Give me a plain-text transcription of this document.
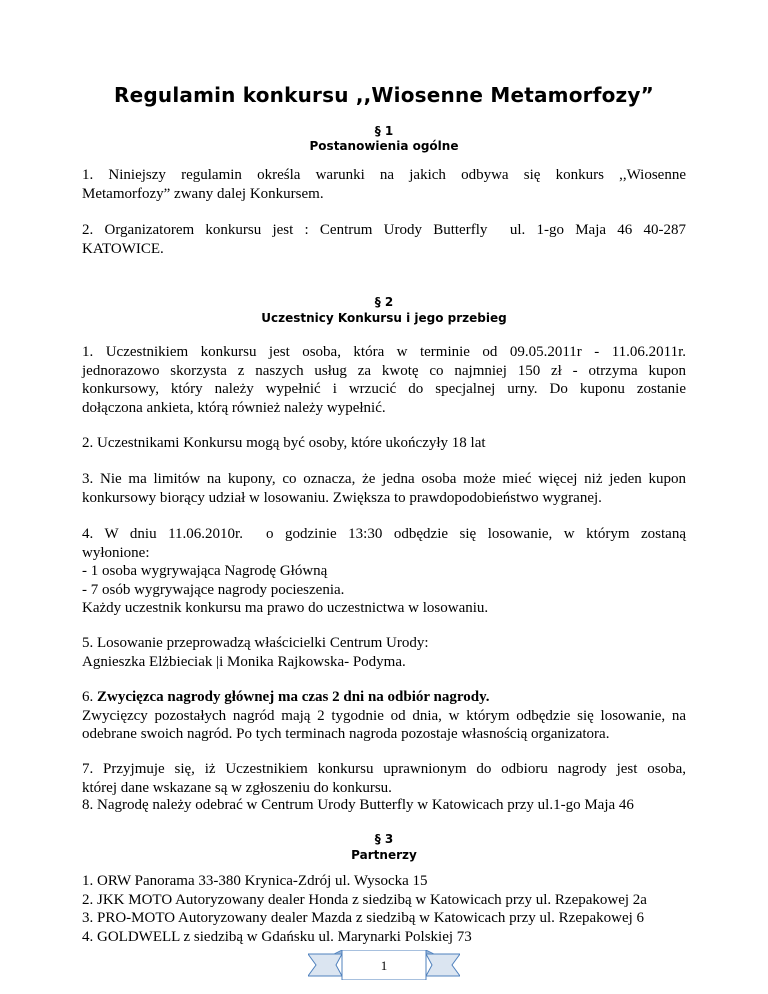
Regulamin konkursu ,,Wiosenne Metamorfozy”
§ 1
Postanowienia ogólne
1. Niniejszy regulamin określa warunki na jakich odbywa się konkurs ,,Wiosenne
Metamorfozy” zwany dalej Konkursem.
2. Organizatorem konkursu jest : Centrum Urody Butterfly  ul. 1-go Maja 46 40-287
KATOWICE.
§ 2
Uczestnicy Konkursu i jego przebieg
1. Uczestnikiem konkursu jest osoba, która w terminie od 09.05.2011r - 11.06.2011r.
jednorazowo skorzysta z naszych usług za kwotę co najmniej 150 zł - otrzyma kupon
konkursowy, który należy wypełnić i wrzucić do specjalnej urny. Do kuponu zostanie
dołączona ankieta, którą również należy wypełnić.
2. Uczestnikami Konkursu mogą być osoby, które ukończyły 18 lat
3. Nie ma limitów na kupony, co oznacza, że jedna osoba może mieć więcej niż jeden kupon
konkursowy biorący udział w losowaniu. Zwiększa to prawdopodobieństwo wygranej.
4. W dniu 11.06.2010r.  o godzinie 13:30 odbędzie się losowanie, w którym zostaną
wyłonione:
- 1 osoba wygrywająca Nagrodę Główną
- 7 osób wygrywające nagrody pocieszenia.
Każdy uczestnik konkursu ma prawo do uczestnictwa w losowaniu.
5. Losowanie przeprowadzą właścicielki Centrum Urody:
Agnieszka Elżbieciak |i Monika Rajkowska- Podyma.
6. Zwycięzca nagrody głównej ma czas 2 dni na odbiór nagrody.
Zwycięzcy pozostałych nagród mają 2 tygodnie od dnia, w którym odbędzie się losowanie, na
odebrane swoich nagród. Po tych terminach nagroda pozostaje własnością organizatora.
7. Przyjmuje się, iż Uczestnikiem konkursu uprawnionym do odbioru nagrody jest osoba,
której dane wskazane są w zgłoszeniu do konkursu.
8. Nagrodę należy odebrać w Centrum Urody Butterfly w Katowicach przy ul.1-go Maja 46
§ 3
Partnerzy
1. ORW Panorama 33-380 Krynica-Zdrój ul. Wysocka 15
2. JKK MOTO Autoryzowany dealer Honda z siedzibą w Katowicach przy ul. Rzepakowej 2a
3. PRO-MOTO Autoryzowany dealer Mazda z siedzibą w Katowicach przy ul. Rzepakowej 6
4. GOLDWELL z siedzibą w Gdańsku ul. Marynarki Polskiej 73
1
